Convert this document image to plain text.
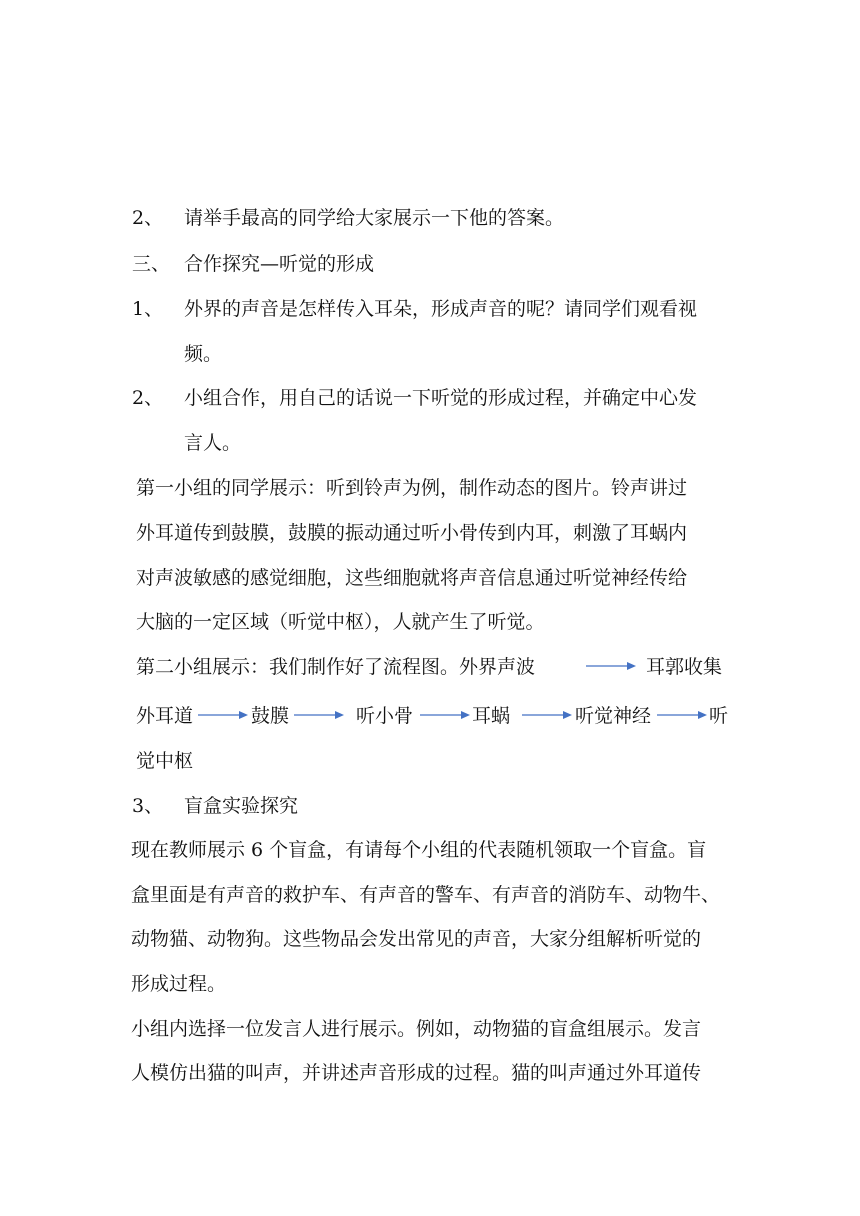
2、 请举手最高的同学给大家展示一下他的答案。
三、 合作探究—听觉的形成
1、 外界的声音是怎样传入耳朵，形成声音的呢？请同学们观看视
频。
2、 小组合作，用自己的话说一下听觉的形成过程，并确定中心发
言人。
第一小组的同学展示：听到铃声为例，制作动态的图片。铃声讲过
外耳道传到鼓膜，鼓膜的振动通过听小骨传到内耳，刺激了耳蜗内
对声波敏感的感觉细胞，这些细胞就将声音信息通过听觉神经传给
大脑的一定区域（听觉中枢），人就产生了听觉。
第二小组展示：我们制作好了流程图。外界声波	耳郭收集
外耳道	鼓膜	听小骨	耳蜗	听觉神经	听
觉中枢
3、 盲盒实验探究
现在教师展示 6 个盲盒，有请每个小组的代表随机领取一个盲盒。盲
盒里面是有声音的救护车、有声音的警车、有声音的消防车、动物牛、
动物猫、动物狗。这些物品会发出常见的声音，大家分组解析听觉的
形成过程。
小组内选择一位发言人进行展示。例如，动物猫的盲盒组展示。发言
人模仿出猫的叫声，并讲述声音形成的过程。猫的叫声通过外耳道传
